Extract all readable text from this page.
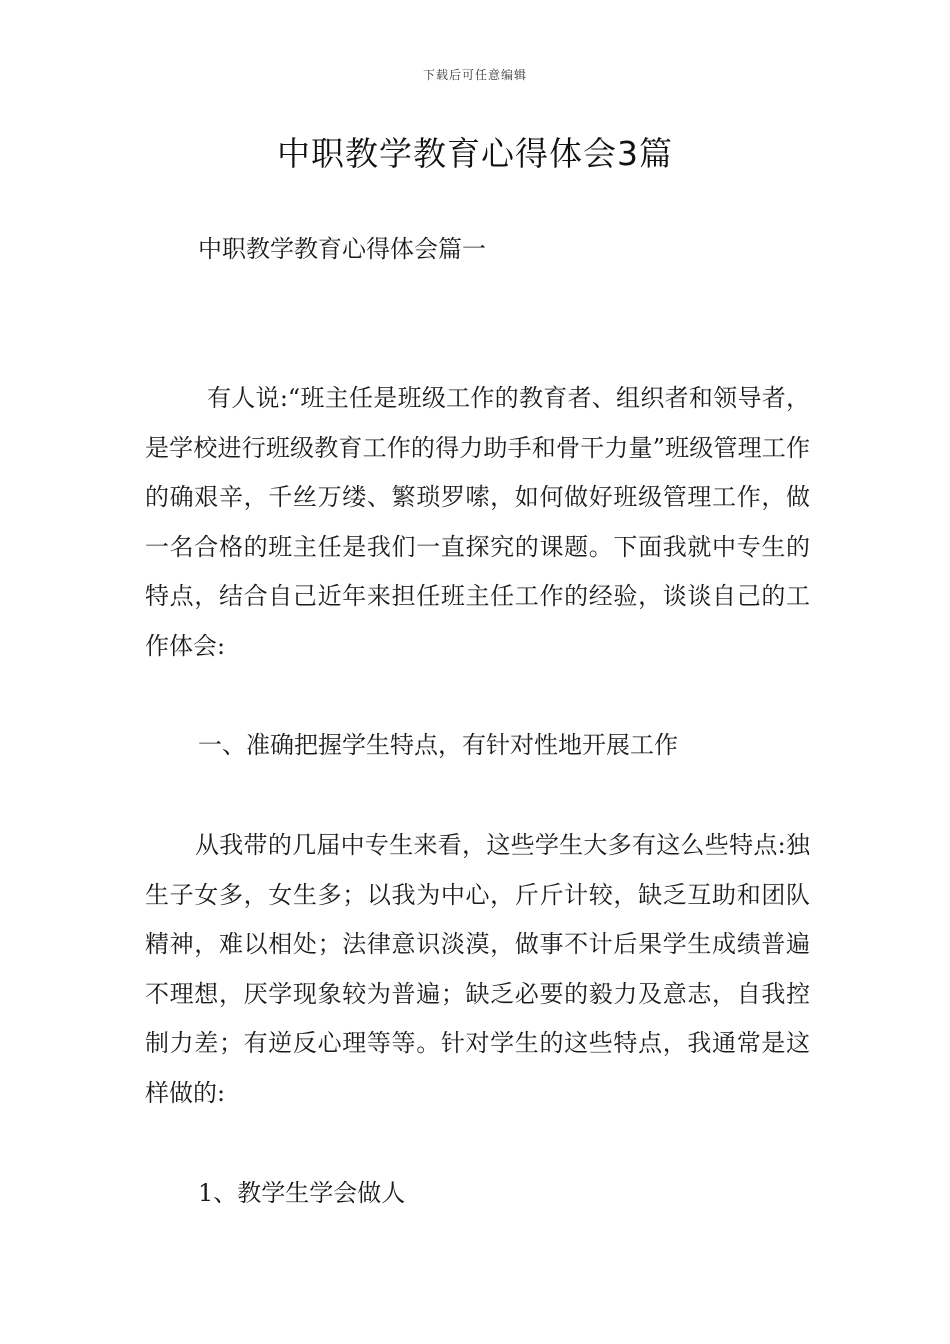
下载后可任意编辑
中职教学教育心得体会3篇
中职教学教育心得体会篇一
有人说:“班主任是班级工作的教育者、组织者和领导者，是学校进行班级教育工作的得力助手和骨干力量”班级管理工作的确艰辛，千丝万缕、繁琐罗嗦，如何做好班级管理工作，做一名合格的班主任是我们一直探究的课题。下面我就中专生的特点，结合自己近年来担任班主任工作的经验，谈谈自己的工作体会:
一、准确把握学生特点，有针对性地开展工作
从我带的几届中专生来看，这些学生大多有这么些特点:独生子女多，女生多；以我为中心，斤斤计较，缺乏互助和团队精神，难以相处；法律意识淡漠，做事不计后果学生成绩普遍不理想，厌学现象较为普遍；缺乏必要的毅力及意志，自我控制力差；有逆反心理等等。针对学生的这些特点，我通常是这样做的:
1、教学生学会做人
